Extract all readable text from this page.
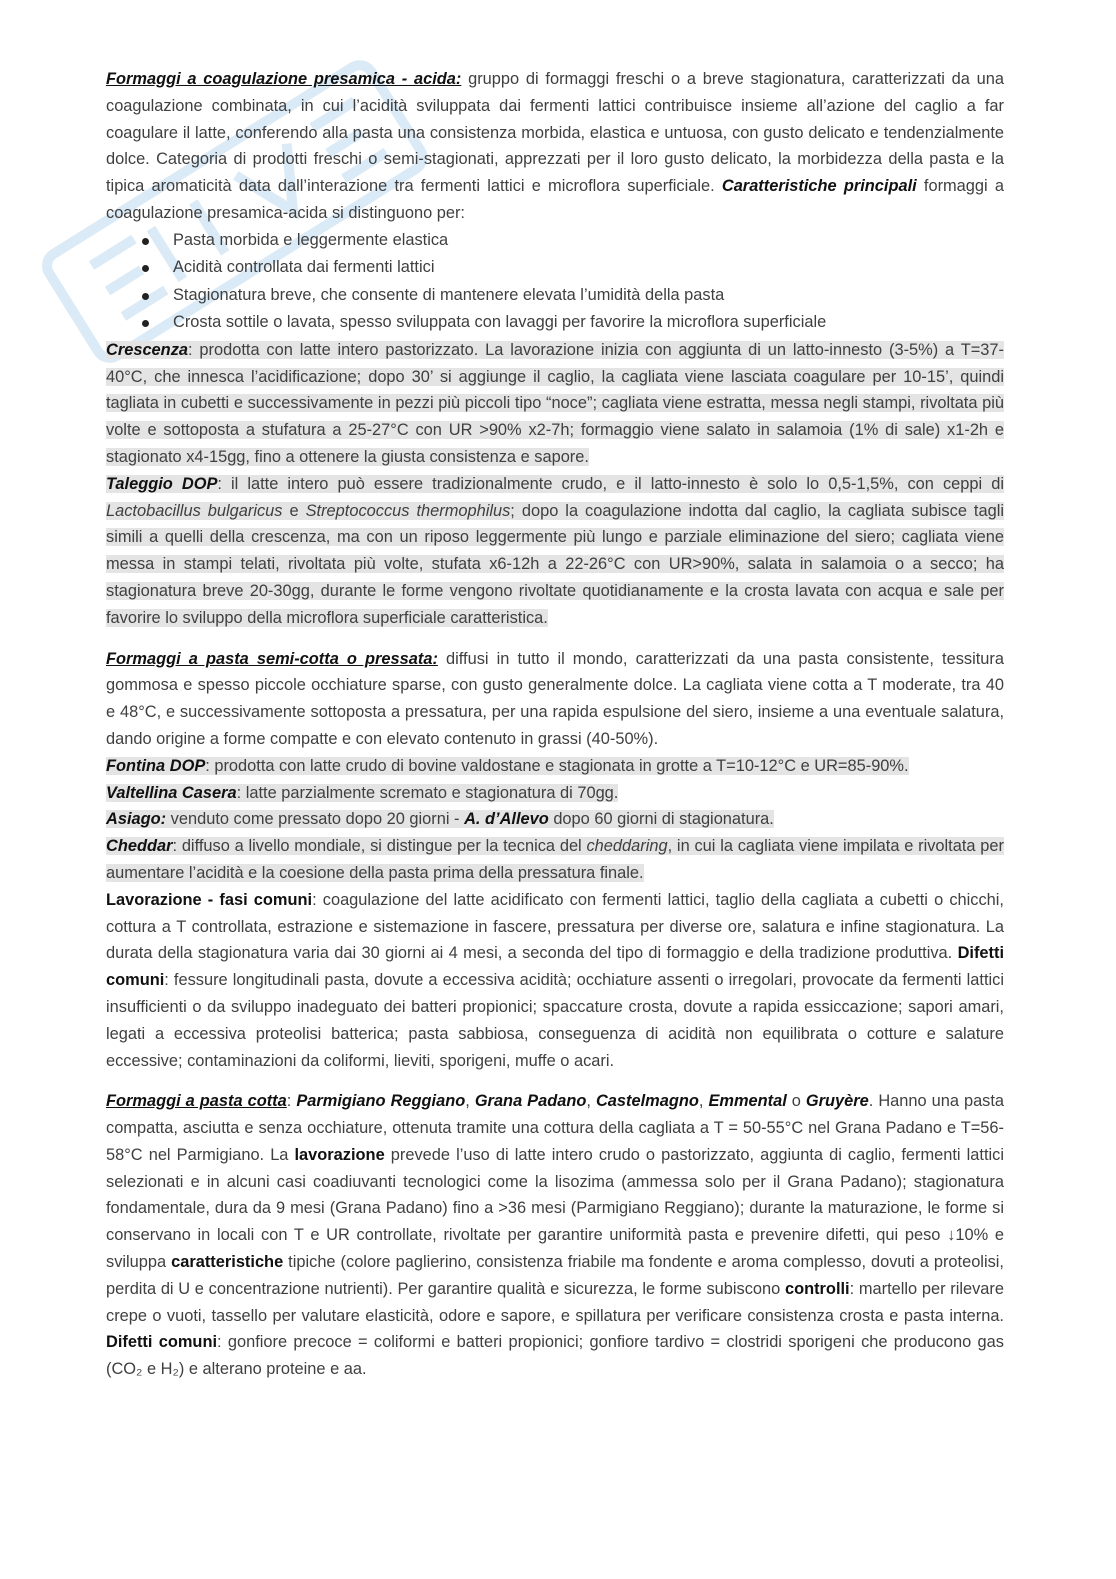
Formaggi a coagulazione presamica - acida: gruppo di formaggi freschi o a breve stagionatura, caratterizzati da una coagulazione combinata, in cui l’acidità sviluppata dai fermenti lattici contribuisce insieme all’azione del caglio a far coagulare il latte, conferendo alla pasta una consistenza morbida, elastica e untuosa, con gusto delicato e tendenzialmente dolce. Categoria di prodotti freschi o semi-stagionati, apprezzati per il loro gusto delicato, la morbidezza della pasta e la tipica aromaticità data dall’interazione tra fermenti lattici e microflora superficiale. Caratteristiche principali formaggi a coagulazione presamica-acida si distinguono per:

Pasta morbida e leggermente elastica
Acidità controllata dai fermenti lattici
Stagionatura breve, che consente di mantenere elevata l’umidità della pasta
Crosta sottile o lavata, spesso sviluppata con lavaggi per favorire la microflora superficiale

Crescenza: prodotta con latte intero pastorizzato. La lavorazione inizia con aggiunta di un latto-innesto (3-5%) a T=37-40°C, che innesca l’acidificazione; dopo 30’ si aggiunge il caglio, la cagliata viene lasciata coagulare per 10-15’, quindi tagliata in cubetti e successivamente in pezzi più piccoli tipo “noce”; cagliata viene estratta, messa negli stampi, rivoltata più volte e sottoposta a stufatura a 25-27°C con UR >90% x2-7h; formaggio viene salato in salamoia (1% di sale) x1-2h e stagionato x4-15gg, fino a ottenere la giusta consistenza e sapore.

Taleggio DOP: il latte intero può essere tradizionalmente crudo, e il latto-innesto è solo lo 0,5-1,5%, con ceppi di Lactobacillus bulgaricus e Streptococcus thermophilus; dopo la coagulazione indotta dal caglio, la cagliata subisce tagli simili a quelli della crescenza, ma con un riposo leggermente più lungo e parziale eliminazione del siero; cagliata viene messa in stampi telati, rivoltata più volte, stufata x6-12h a 22-26°C con UR>90%, salata in salamoia o a secco; ha stagionatura breve 20-30gg, durante le forme vengono rivoltate quotidianamente e la crosta lavata con acqua e sale per favorire lo sviluppo della microflora superficiale caratteristica.

Formaggi a pasta semi-cotta o pressata: diffusi in tutto il mondo, caratterizzati da una pasta consistente, tessitura gommosa e spesso piccole occhiature sparse, con gusto generalmente dolce. La cagliata viene cotta a T moderate, tra 40 e 48°C, e successivamente sottoposta a pressatura, per una rapida espulsione del siero, insieme a una eventuale salatura, dando origine a forme compatte e con elevato contenuto in grassi (40-50%).

Fontina DOP: prodotta con latte crudo di bovine valdostane e stagionata in grotte a T=10-12°C e UR=85-90%.

Valtellina Casera: latte parzialmente scremato e stagionatura di 70gg.

Asiago: venduto come pressato dopo 20 giorni - A. d’Allevo dopo 60 giorni di stagionatura.

Cheddar: diffuso a livello mondiale, si distingue per la tecnica del cheddaring, in cui la cagliata viene impilata e rivoltata per aumentare l’acidità e la coesione della pasta prima della pressatura finale.

Lavorazione - fasi comuni: coagulazione del latte acidificato con fermenti lattici, taglio della cagliata a cubetti o chicchi, cottura a T controllata, estrazione e sistemazione in fascere, pressatura per diverse ore, salatura e infine stagionatura. La durata della stagionatura varia dai 30 giorni ai 4 mesi, a seconda del tipo di formaggio e della tradizione produttiva. Difetti comuni: fessure longitudinali pasta, dovute a eccessiva acidità; occhiature assenti o irregolari, provocate da fermenti lattici insufficienti o da sviluppo inadeguato dei batteri propionici; spaccature crosta, dovute a rapida essiccazione; sapori amari, legati a eccessiva proteolisi batterica; pasta sabbiosa, conseguenza di acidità non equilibrata o cotture e salature eccessive; contaminazioni da coliformi, lieviti, sporigeni, muffe o acari.

Formaggi a pasta cotta: Parmigiano Reggiano, Grana Padano, Castelmagno, Emmental o Gruyère. Hanno una pasta compatta, asciutta e senza occhiature, ottenuta tramite una cottura della cagliata a T = 50-55°C nel Grana Padano e T=56-58°C nel Parmigiano. La lavorazione prevede l’uso di latte intero crudo o pastorizzato, aggiunta di caglio, fermenti lattici selezionati e in alcuni casi coadiuvanti tecnologici come la lisozima (ammessa solo per il Grana Padano); stagionatura fondamentale, dura da 9 mesi (Grana Padano) fino a >36 mesi (Parmigiano Reggiano); durante la maturazione, le forme si conservano in locali con T e UR controllate, rivoltate per garantire uniformità pasta e prevenire difetti, qui peso ↓10% e sviluppa caratteristiche tipiche (colore paglierino, consistenza friabile ma fondente e aroma complesso, dovuti a proteolisi, perdita di U e concentrazione nutrienti). Per garantire qualità e sicurezza, le forme subiscono controlli: martello per rilevare crepe o vuoti, tassello per valutare elasticità, odore e sapore, e spillatura per verificare consistenza crosta e pasta interna. Difetti comuni: gonfiore precoce = coliformi e batteri propionici; gonfiore tardivo = clostridi sporigeni che producono gas (CO₂ e H₂) e alterano proteine e aa.
